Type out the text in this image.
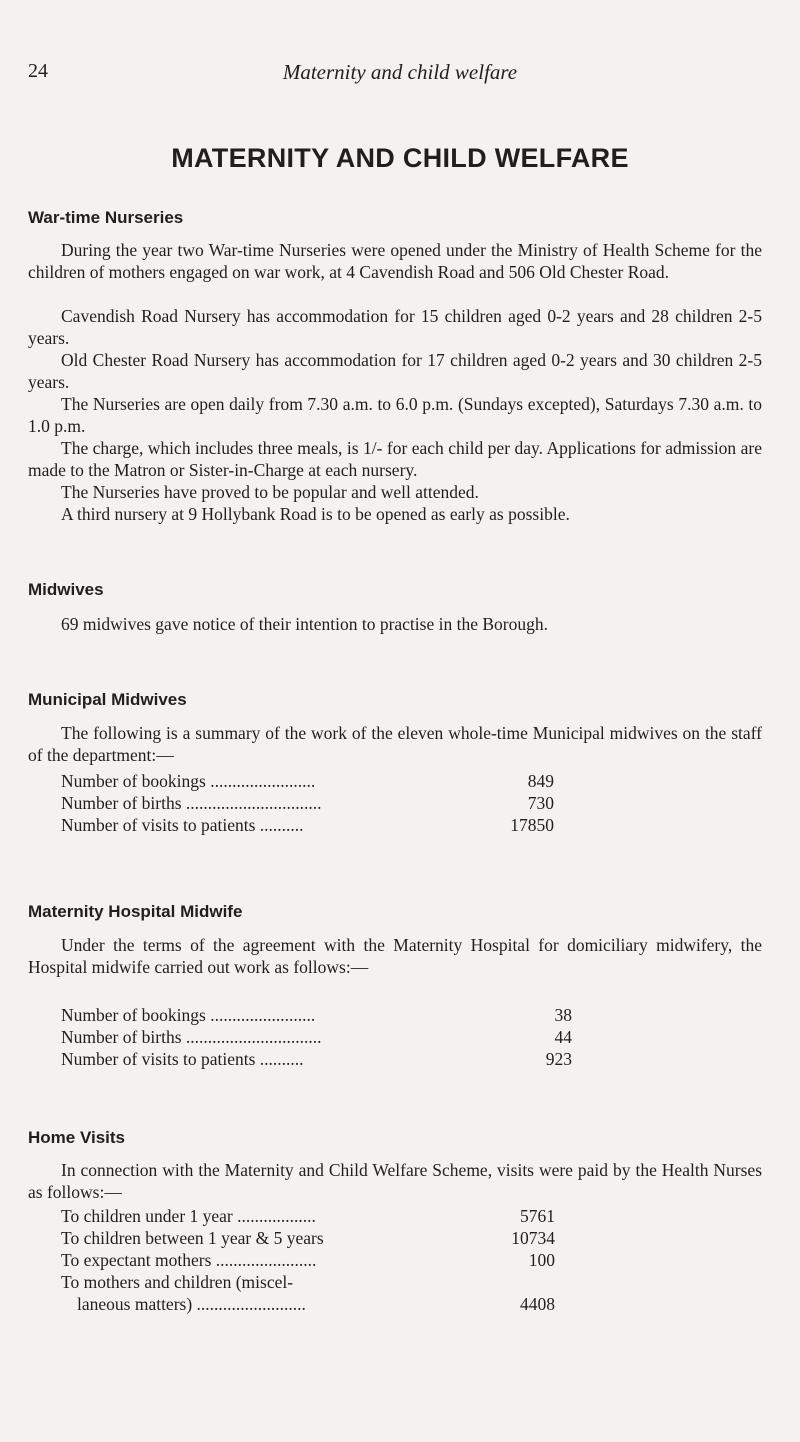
24	Maternity and child welfare
MATERNITY AND CHILD WELFARE
War-time Nurseries
During the year two War-time Nurseries were opened under the Ministry of Health Scheme for the children of mothers engaged on war work, at 4 Cavendish Road and 506 Old Chester Road.
Cavendish Road Nursery has accommodation for 15 children aged 0-2 years and 28 children 2-5 years.
Old Chester Road Nursery has accommodation for 17 children aged 0-2 years and 30 children 2-5 years.
The Nurseries are open daily from 7.30 a.m. to 6.0 p.m. (Sundays excepted), Saturdays 7.30 a.m. to 1.0 p.m.
The charge, which includes three meals, is 1/- for each child per day. Applications for admission are made to the Matron or Sister-in-Charge at each nursery.
The Nurseries have proved to be popular and well attended.
A third nursery at 9 Hollybank Road is to be opened as early as possible.
Midwives
69 midwives gave notice of their intention to practise in the Borough.
Municipal Midwives
The following is a summary of the work of the eleven whole-time Municipal midwives on the staff of the department:—
Number of bookings ........................	849
Number of births ...............................	730
Number of visits to patients ..........	17850
Maternity Hospital Midwife
Under the terms of the agreement with the Maternity Hospital for domiciliary midwifery, the Hospital midwife carried out work as follows:—
Number of bookings ........................	38
Number of births ...............................	44
Number of visits to patients ..........	923
Home Visits
In connection with the Maternity and Child Welfare Scheme, visits were paid by the Health Nurses as follows:—
To children under 1 year ..................	5761
To children between 1 year & 5 years	10734
To expectant mothers .......................	100
To mothers and children (miscel-
laneous matters) .........................	4408
